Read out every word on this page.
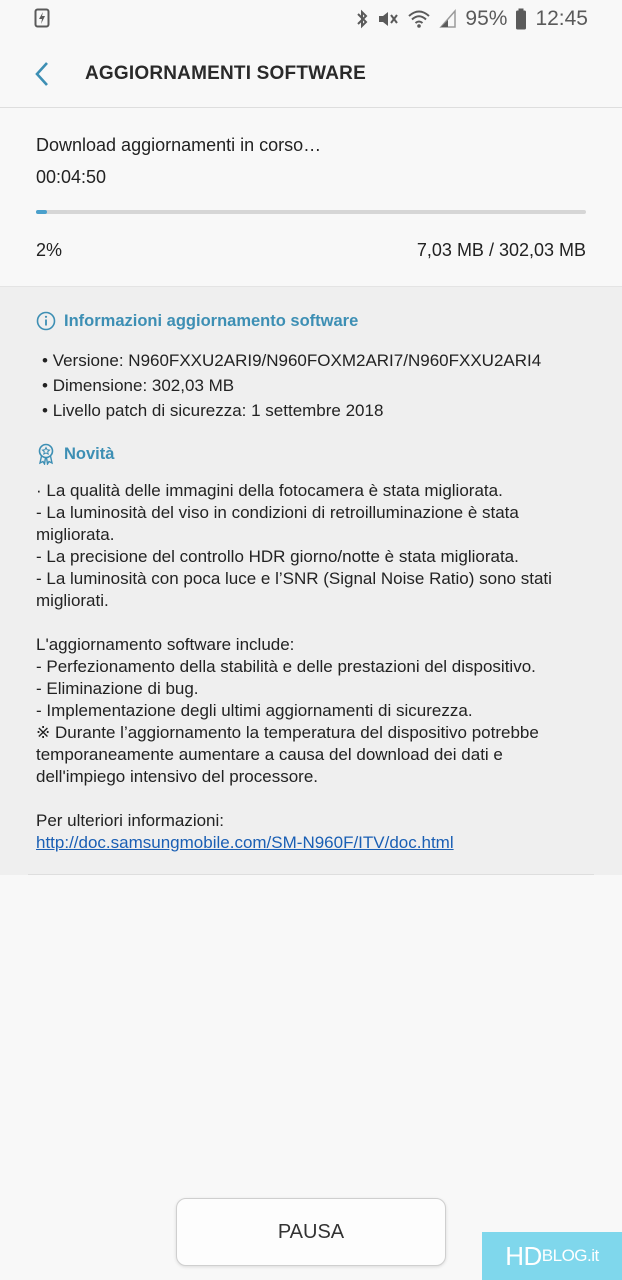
95% 12:45
AGGIORNAMENTI SOFTWARE
Download aggiornamenti in corso…
00:04:50
2%	7,03 MB / 302,03 MB
Informazioni aggiornamento software
• Versione: N960FXXU2ARI9/N960FOXM2ARI7/N960FXXU2ARI4
• Dimensione: 302,03 MB
• Livello patch di sicurezza: 1 settembre 2018
Novità

· La qualità delle immagini della fotocamera è stata migliorata.

- La luminosità del viso in condizioni di retroilluminazione è stata migliorata.

- La precisione del controllo HDR giorno/notte è stata migliorata.

- La luminosità con poca luce e l’SNR (Signal Noise Ratio) sono stati migliorati.

L'aggiornamento software include:

- Perfezionamento della stabilità e delle prestazioni del dispositivo.

- Eliminazione di bug.

- Implementazione degli ultimi aggiornamenti di sicurezza.

※ Durante l’aggiornamento la temperatura del dispositivo potrebbe temporaneamente aumentare a causa del download dei dati e dell'impiego intensivo del processore.

Per ulteriori informazioni:

http://doc.samsungmobile.com/SM-N960F/ITV/doc.html

PAUSA
HD BLOG .it
